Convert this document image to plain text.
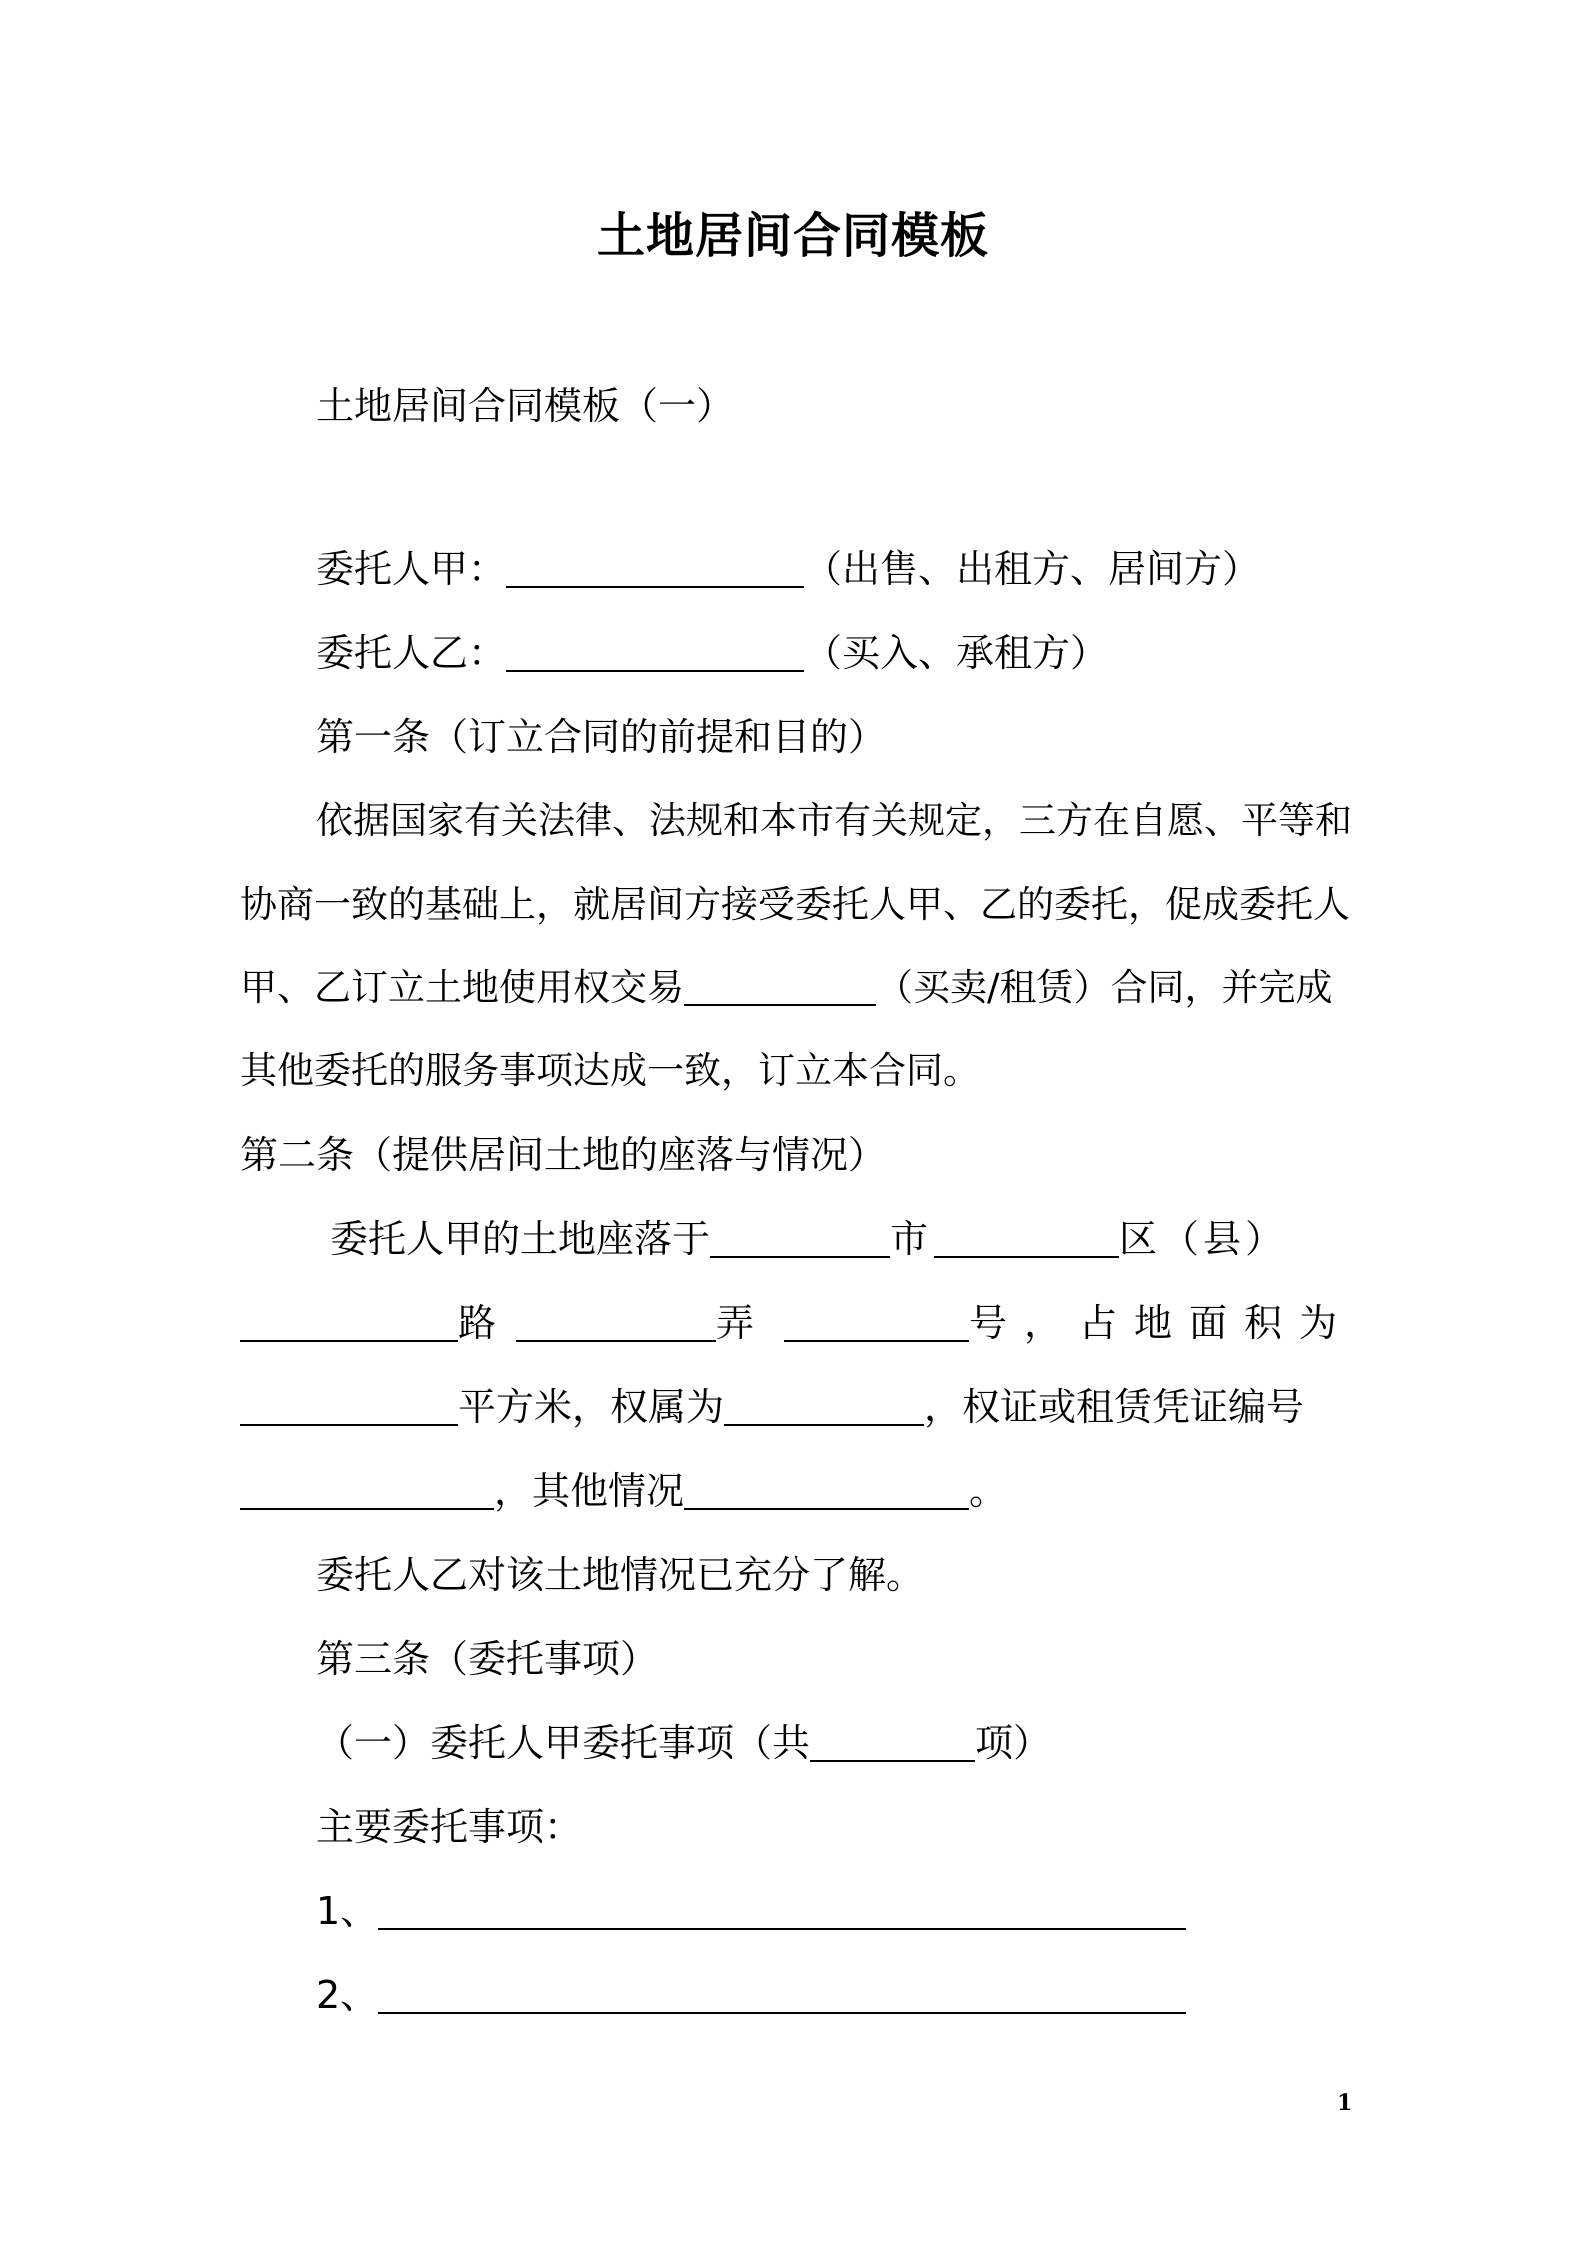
土地居间合同模板
土地居间合同模板（一）
委托人甲：	（出售、出租方、居间方）
委托人乙：	（买入、承租方）
第一条（订立合同的前提和目的）
依据国家有关法律、法规和本市有关规定，三方在自愿、平等和
协商一致的基础上，就居间方接受委托人甲、乙的委托，促成委托人
甲、乙订立土地使用权交易	（买卖/租赁）合同，并完成
其他委托的服务事项达成一致，订立本合同。
第二条（提供居间土地的座落与情况）
委托人甲的土地座落于	市	区（县）
路	弄	号，占地面积为
平方米，权属为	，权证或租赁凭证编号
，其他情况	。
委托人乙对该土地情况已充分了解。
第三条（委托事项）
（一）委托人甲委托事项（共	项）
主要委托事项：
1、
2、
1
